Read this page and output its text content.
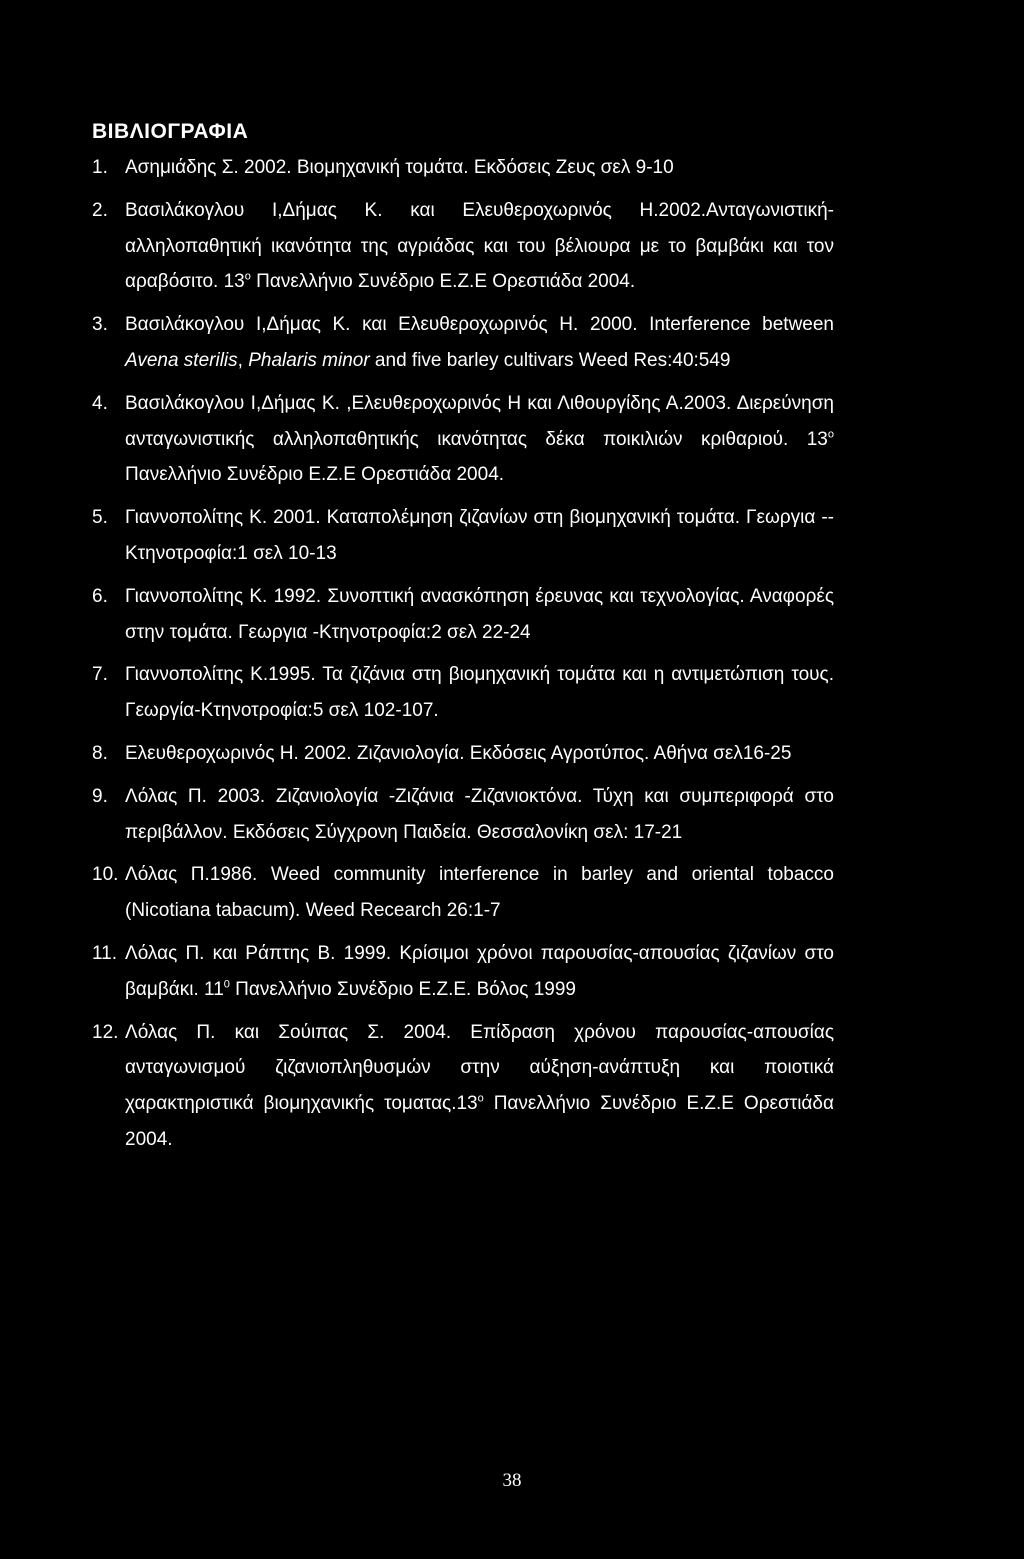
ΒΙΒΛΙΟΓΡΑΦΙΑ
1. Ασημιάδης Σ. 2002. Βιομηχανική τομάτα. Εκδόσεις Ζευς σελ 9-10
2. Βασιλάκογλου Ι,Δήμας Κ. και Ελευθεροχωρινός Η.2002.Ανταγωνιστική-αλληλοπαθητική ικανότητα της αγριάδας και του βέλιουρα με το βαμβάκι και τον αραβόσιτο. $13^o$ Πανελλήνιο Συνέδριο Ε.Ζ.Ε Ορεστιάδα 2004.
3. Βασιλάκογλου Ι,Δήμας Κ. και Ελευθεροχωρινός Η. 2000. Interference between Avena sterilis, Phalaris minor and five barley cultivars Weed Res:40:549
4. Βασιλάκογλου Ι,Δήμας Κ. ,Ελευθεροχωρινός Η και Λιθουργίδης Α.2003. Διερεύνηση ανταγωνιστικής αλληλοπαθητικής ικανότητας δέκα ποικιλιών κριθαριού. $13^o$ Πανελλήνιο Συνέδριο Ε.Ζ.Ε Ορεστιάδα 2004.
5. Γιαννοπολίτης Κ. 2001. Καταπολέμηση ζιζανίων στη βιομηχανική τομάτα. Γεωργια --Κτηνοτροφία:1 σελ 10-13
6. Γιαννοπολίτης Κ. 1992. Συνοπτική ανασκόπηση έρευνας και τεχνολογίας. Αναφορές στην τομάτα. Γεωργια -Κτηνοτροφία:2 σελ 22-24
7. Γιαννοπολίτης Κ.1995. Τα ζιζάνια στη βιομηχανική τομάτα και η αντιμετώπιση τους. Γεωργία-Κτηνοτροφία:5 σελ 102-107.
8. Ελευθεροχωρινός Η. 2002. Ζιζανιολογία. Εκδόσεις Αγροτύπος. Αθήνα σελ16-25
9. Λόλας Π. 2003. Ζιζανιολογία -Ζιζάνια -Ζιζανιοκτόνα. Τύχη και συμπεριφορά στο περιβάλλον. Εκδόσεις Σύγχρονη Παιδεία. Θεσσαλονίκη σελ: 17-21
10. Λόλας Π.1986. Weed community interference in barley and oriental tobacco (Nicotiana tabacum). Weed Recearch 26:1-7
11. Λόλας Π. και Ράπτης Β. 1999. Κρίσιμοι χρόνοι παρουσίας-απουσίας ζιζανίων στο βαμβάκι. $11^0$ Πανελλήνιο Συνέδριο Ε.Ζ.Ε. Βόλος 1999
12. Λόλας Π. και Σούιπας Σ. 2004. Επίδραση χρόνου παρουσίας-απουσίας ανταγωνισμού ζιζανιοπληθυσμών στην αύξηση-ανάπτυξη και ποιοτικά χαρακτηριστικά βιομηχανικής $\tau o\mu\alpha\tau\alpha\varsigma.13^o$ Πανελλήνιο Συνέδριο Ε.Ζ.Ε Ορεστιάδα 2004.

38
